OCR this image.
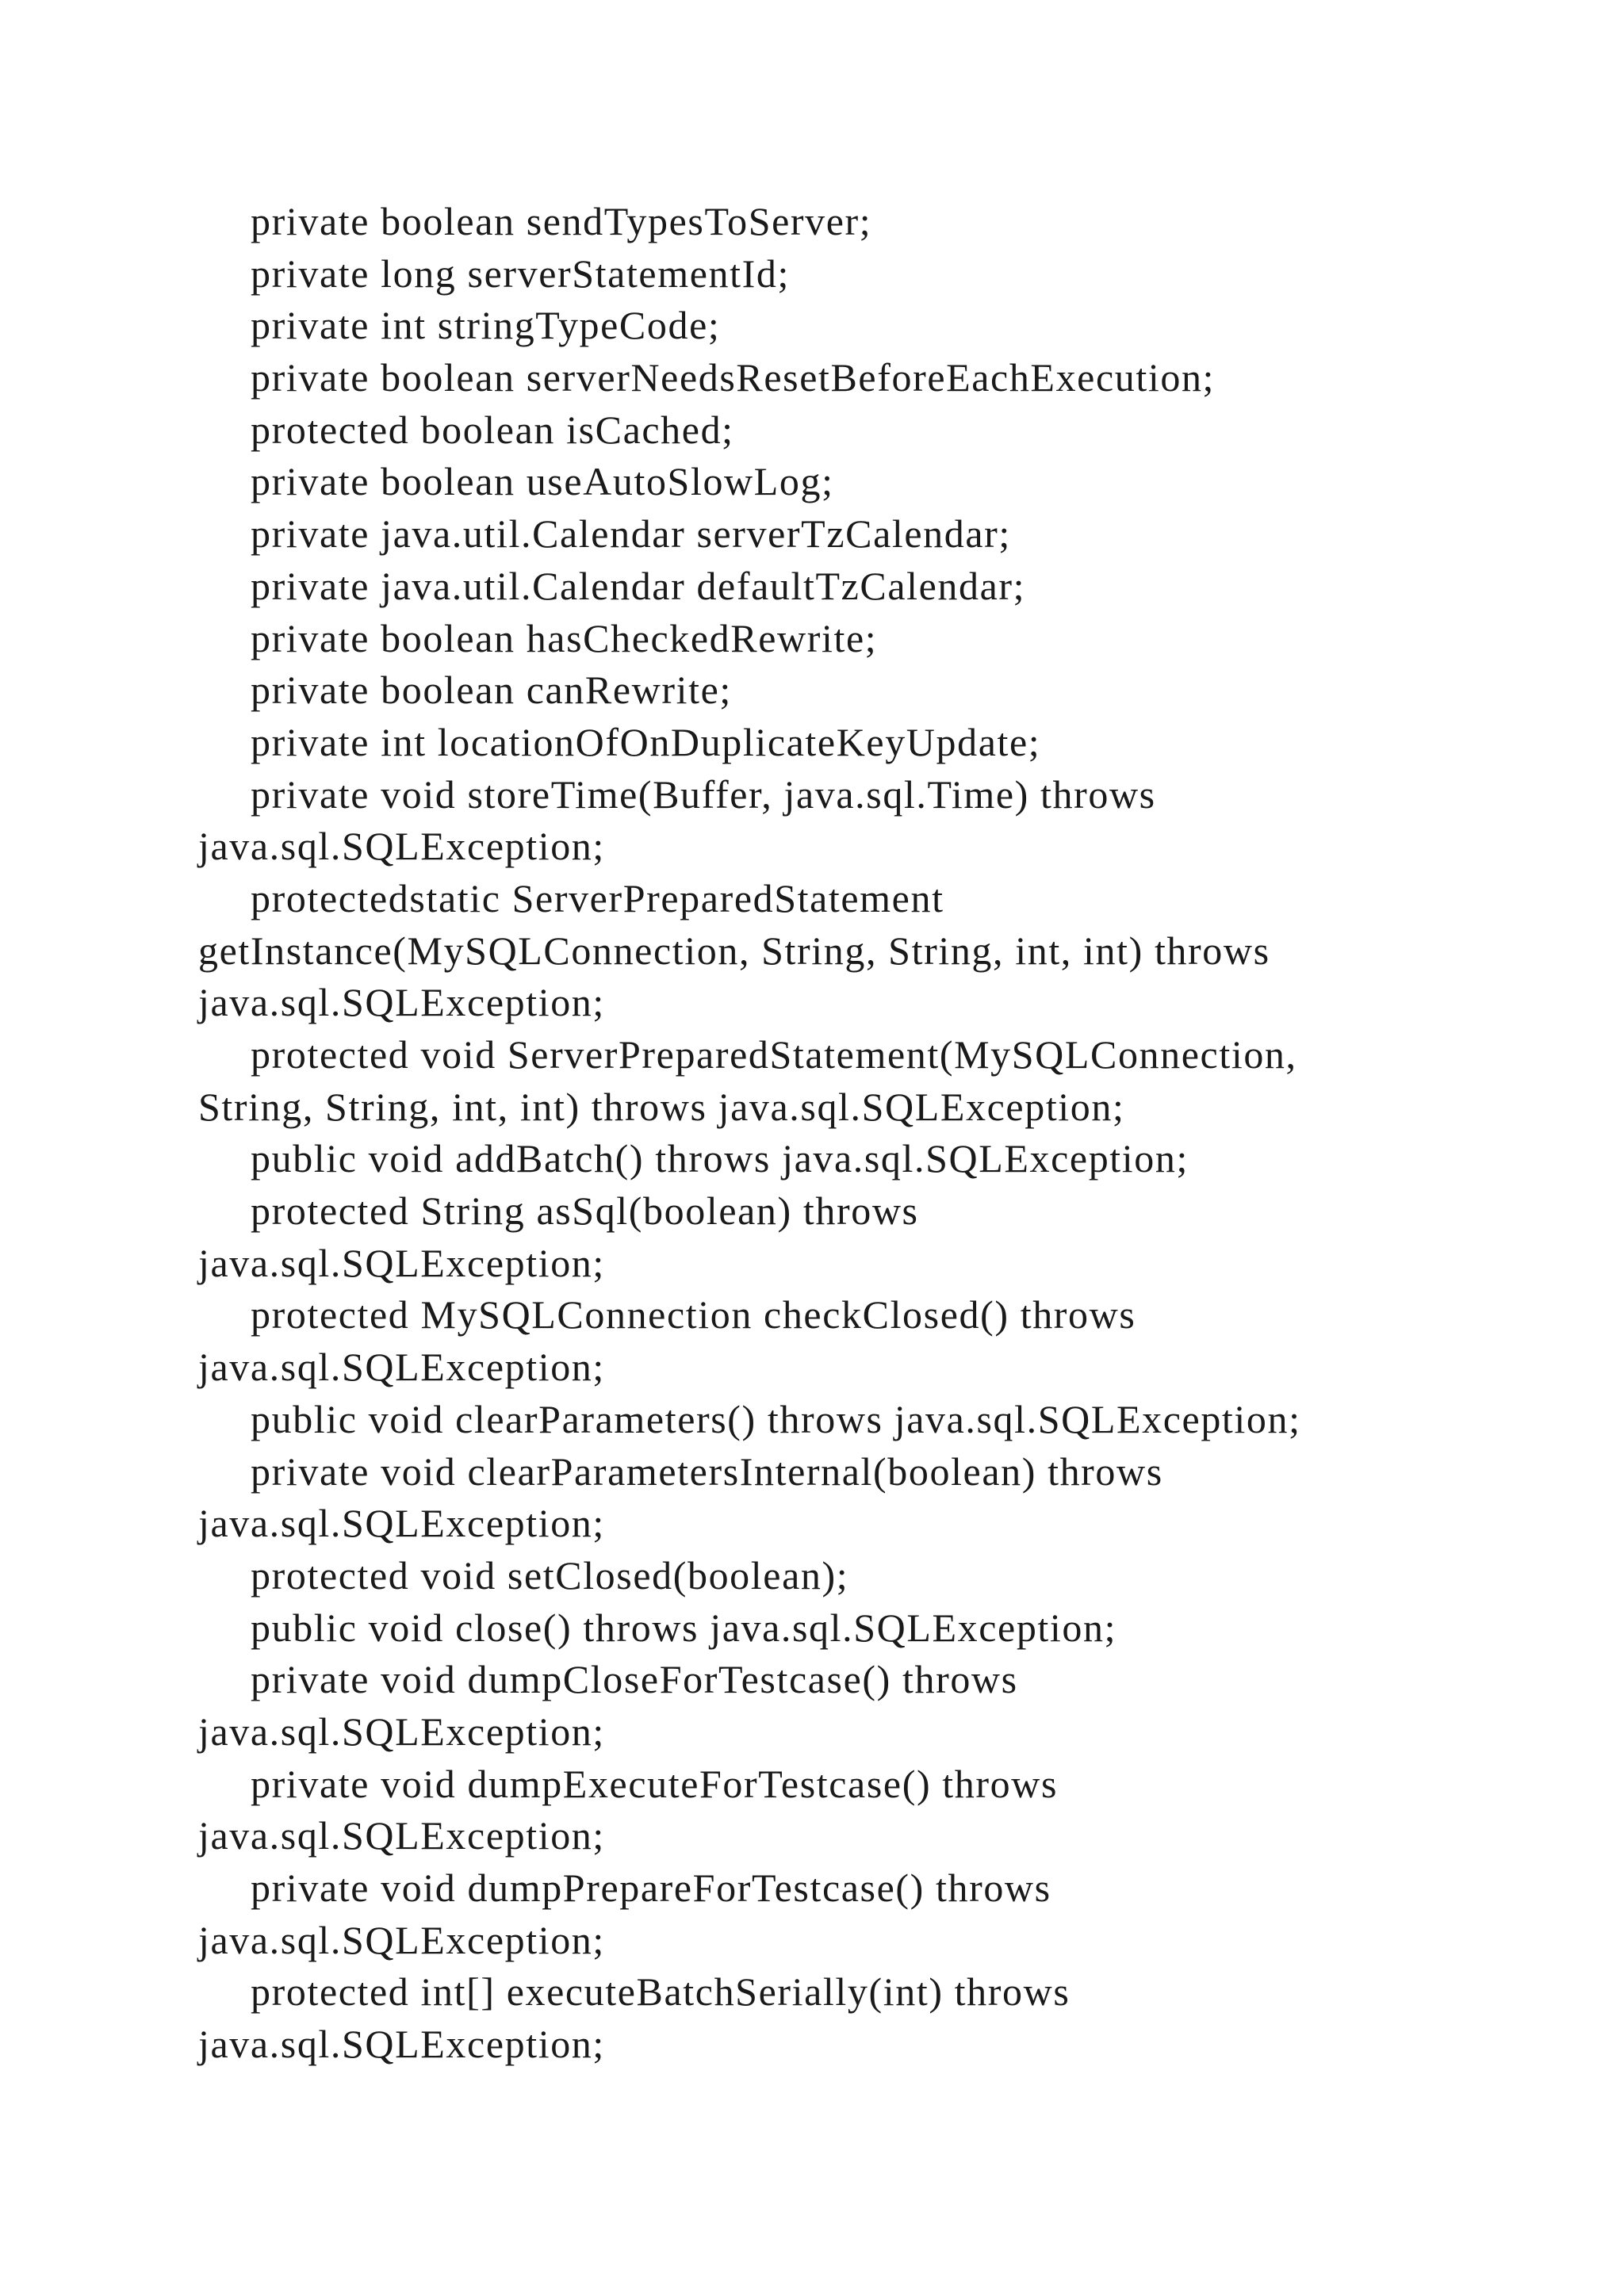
private boolean sendTypesToServer;
private long serverStatementId;
private int stringTypeCode;
private boolean serverNeedsResetBeforeEachExecution;
protected boolean isCached;
private boolean useAutoSlowLog;
private java.util.Calendar serverTzCalendar;
private java.util.Calendar defaultTzCalendar;
private boolean hasCheckedRewrite;
private boolean canRewrite;
private int locationOfOnDuplicateKeyUpdate;
private void storeTime(Buffer, java.sql.Time) throws
java.sql.SQLException;
protectedstatic ServerPreparedStatement
getInstance(MySQLConnection, String, String, int, int) throws
java.sql.SQLException;
protected void ServerPreparedStatement(MySQLConnection,
String, String, int, int) throws java.sql.SQLException;
public void addBatch() throws java.sql.SQLException;
protected String asSql(boolean) throws
java.sql.SQLException;
protected MySQLConnection checkClosed() throws
java.sql.SQLException;
public void clearParameters() throws java.sql.SQLException;
private void clearParametersInternal(boolean) throws
java.sql.SQLException;
protected void setClosed(boolean);
public void close() throws java.sql.SQLException;
private void dumpCloseForTestcase() throws
java.sql.SQLException;
private void dumpExecuteForTestcase() throws
java.sql.SQLException;
private void dumpPrepareForTestcase() throws
java.sql.SQLException;
protected int[] executeBatchSerially(int) throws
java.sql.SQLException;
